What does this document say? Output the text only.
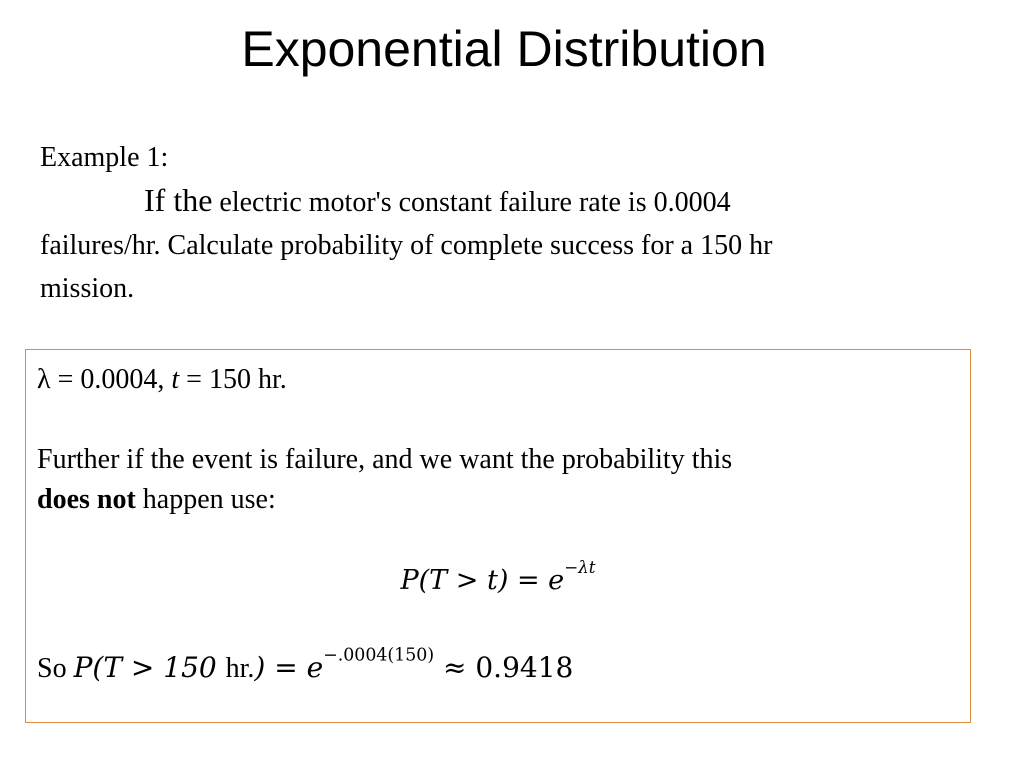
Exponential Distribution
Example 1:
If the electric motor's constant failure rate is 0.0004
failures/hr. Calculate probability of complete success for a 150 hr
mission.
λ = 0.0004, t = 150 hr.
Further if the event is failure, and we want the probability this
does not happen use:
$P(T > t) = e^{-\lambda t}$
So P(T > 150 $hr.) = e^{-.0004(150)} \approx 0.9418$
